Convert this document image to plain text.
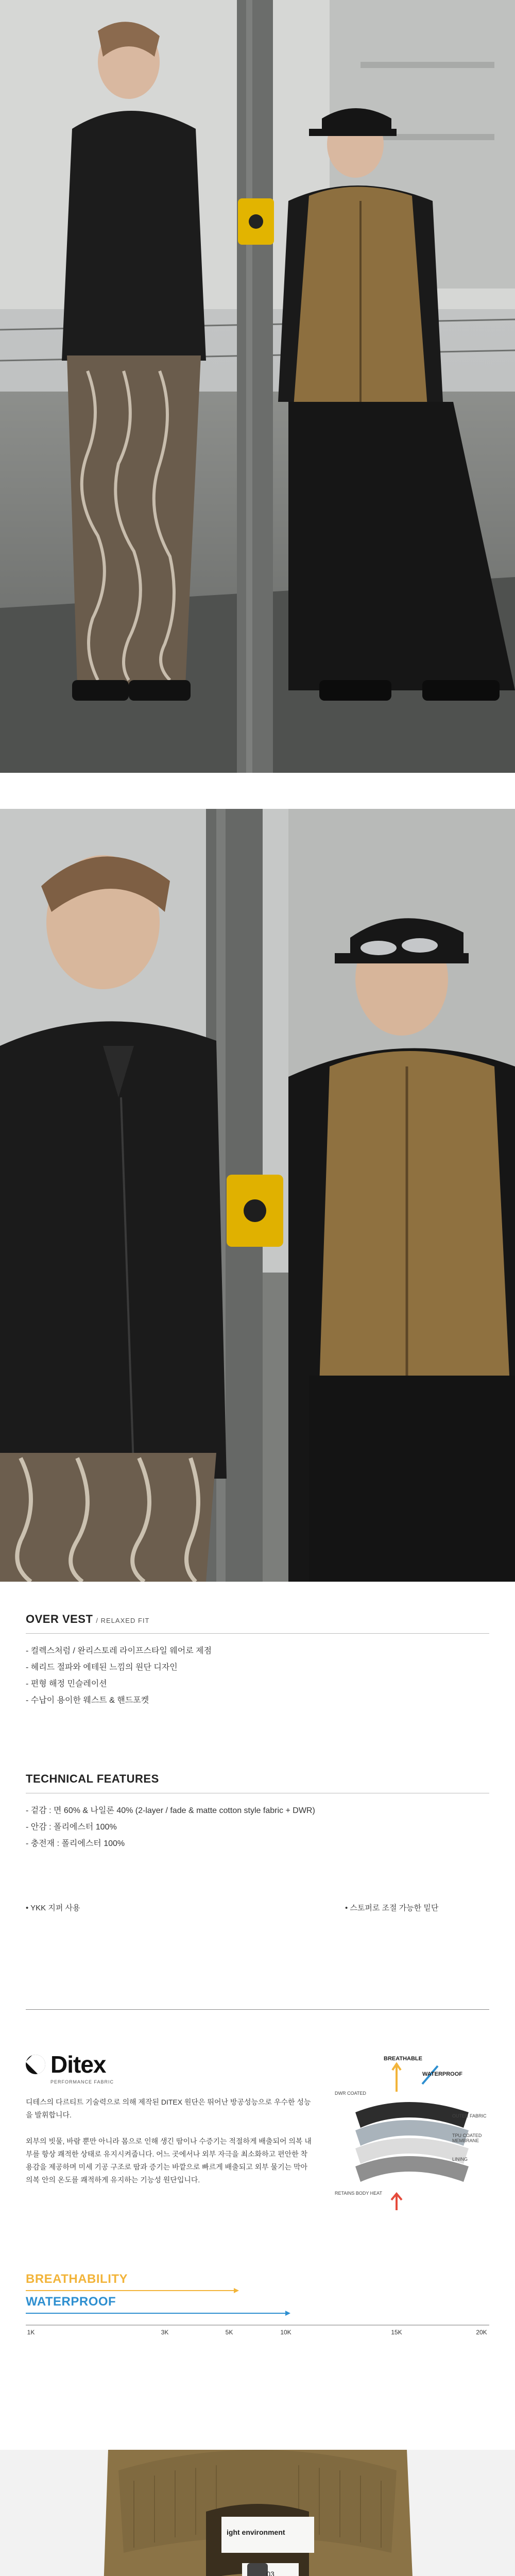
OVER VEST / RELAXED FIT
- 컬렉스처럼 / 완리스토레 라이프스타일 웨어로 제점
- 헤리드 절파와 에테된 느낌의 원단 디자인
- 편형 해정 민슬레이션
- 수납이 용이한 웨스트 & 핸드포켓
TECHNICAL FEATURES
- 겉감 : 면 60% & 나일론 40% (2-layer / fade & matte cotton style fabric + DWR)
- 안감 : 폴리에스터 100%
- 충전재 : 폴리에스터 100%
• YKK 지퍼 사용	• 스토퍼로 조절 가능한 밑단
Ditex
PERFORMANCE FABRIC

디테스의 다르티트 기술력으로 의해 제작된 DITEX 원단은 뛰어난 방공성능으로 우수한 성능을 발휘합니다.

외부의 빗물, 바람 뿐만 아니라 몸으로 인해 생긴 땀이나 수증기는 적절하게 배출되어 의복 내부를 항상 쾌적한 상태로 유지시켜줍니다. 어느 곳에서나 외부 자극을 최소화하고 편안한 착용감을 제공하며 미세 기공 구조로 땀과 증기는 바깥으로 빠르게 배출되고 외부 물기는 막아 의복 안의 온도를 쾌적하게 유지하는 기능성 원단입니다.

BREATHABLE
WATERPROOF
DWR COATED
OUTER FABRIC
TPU COATED MEMBRANE
LINING
RETAINS BODY HEAT
BREATHABILITY
WATERPROOF
1K	3K	5K	10K	15K	20K
ight environment
03
